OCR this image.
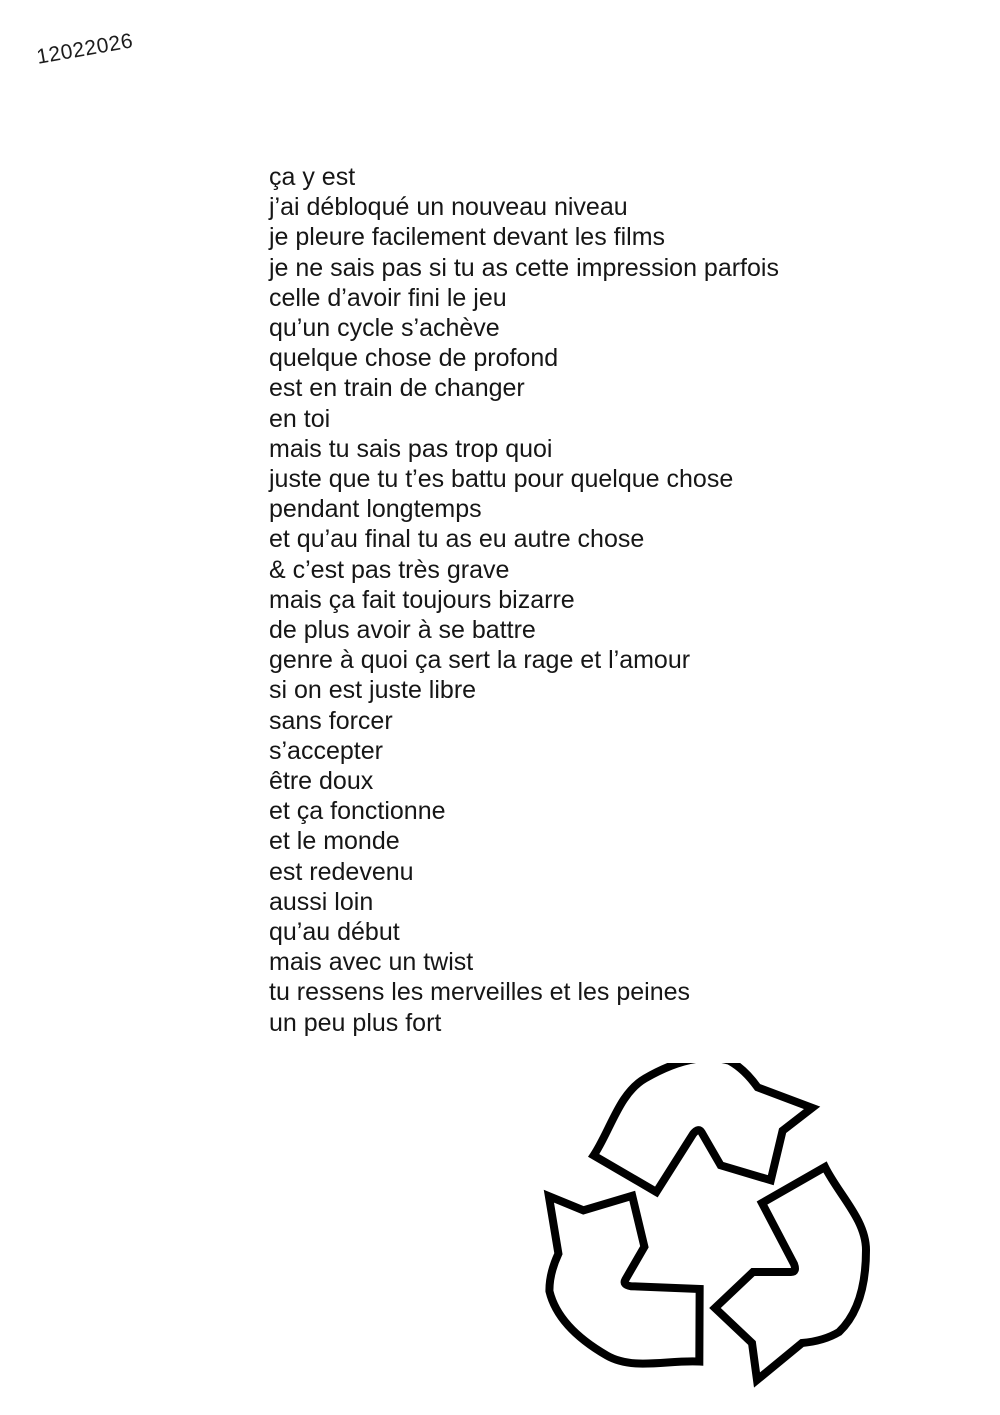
12022026
ça y est
j’ai débloqué un nouveau niveau
je pleure facilement devant les films
je ne sais pas si tu as cette impression parfois
celle d’avoir fini le jeu
qu’un cycle s’achève
quelque chose de profond
est en train de changer
en toi
mais tu sais pas trop quoi
juste que tu t’es battu pour quelque chose
pendant longtemps
et qu’au final tu as eu autre chose
& c’est pas très grave
mais ça fait toujours bizarre
de plus avoir à se battre
genre à quoi ça sert la rage et l’amour
si on est juste libre
sans forcer
s’accepter
être doux
et ça fonctionne
et le monde
est redevenu
aussi loin
qu’au début
mais avec un twist
tu ressens les merveilles et les peines
un peu plus fort
